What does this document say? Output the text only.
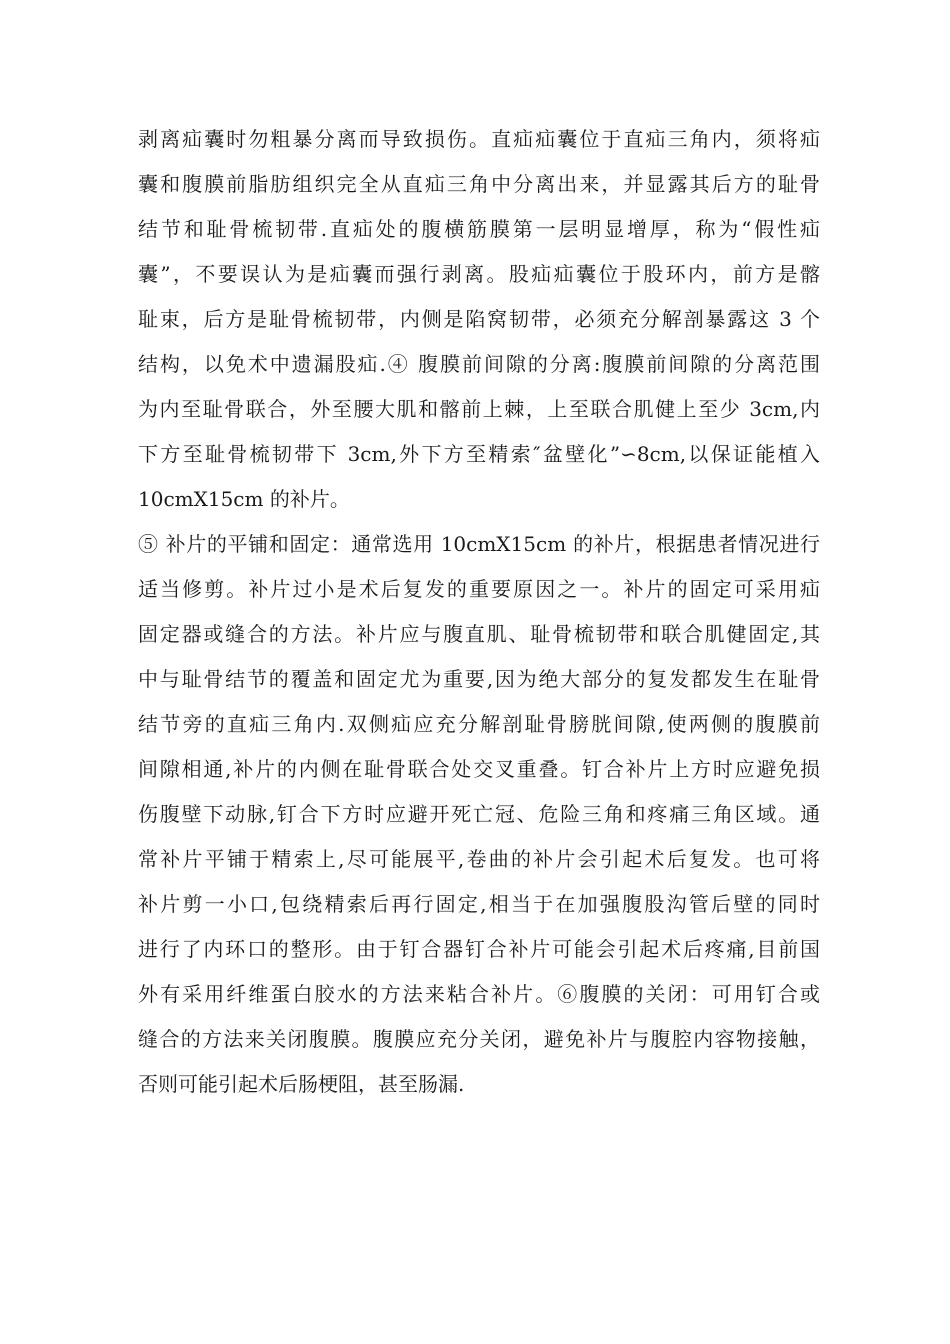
剥离疝囊时勿粗暴分离而导致损伤。直疝疝囊位于直疝三角内，须将疝
囊和腹膜前脂肪组织完全从直疝三角中分离出来，并显露其后方的耻骨
结节和耻骨梳韧带.直疝处的腹横筋膜第一层明显增厚，称为“假性疝
囊”，不要误认为是疝囊而强行剥离。股疝疝囊位于股环内，前方是髂
耻束，后方是耻骨梳韧带，内侧是陷窝韧带，必须充分解剖暴露这 3 个
结构，以免术中遗漏股疝.④ 腹膜前间隙的分离:腹膜前间隙的分离范围
为内至耻骨联合，外至腰大肌和髂前上棘，上至联合肌健上至少 3cm,内
下方至耻骨梳韧带下 3cm,外下方至精索″盆壁化”∽8cm,以保证能植入
10cmX15cm 的补片。
⑤ 补片的平铺和固定：通常选用 10cmX15cm 的补片，根据患者情况进行
适当修剪。补片过小是术后复发的重要原因之一。补片的固定可采用疝
固定器或缝合的方法。补片应与腹直肌、耻骨梳韧带和联合肌健固定,其
中与耻骨结节的覆盖和固定尤为重要,因为绝大部分的复发都发生在耻骨
结节旁的直疝三角内.双侧疝应充分解剖耻骨膀胱间隙,使两侧的腹膜前
间隙相通,补片的内侧在耻骨联合处交叉重叠。钉合补片上方时应避免损
伤腹壁下动脉,钉合下方时应避开死亡冠、危险三角和疼痛三角区域。通
常补片平铺于精索上,尽可能展平,卷曲的补片会引起术后复发。也可将
补片剪一小口,包绕精索后再行固定,相当于在加强腹股沟管后壁的同时
进行了内环口的整形。由于钉合器钉合补片可能会引起术后疼痛,目前国
外有采用纤维蛋白胶水的方法来粘合补片。⑥腹膜的关闭：可用钉合或
缝合的方法来关闭腹膜。腹膜应充分关闭，避免补片与腹腔内容物接触，
否则可能引起术后肠梗阻，甚至肠漏.
